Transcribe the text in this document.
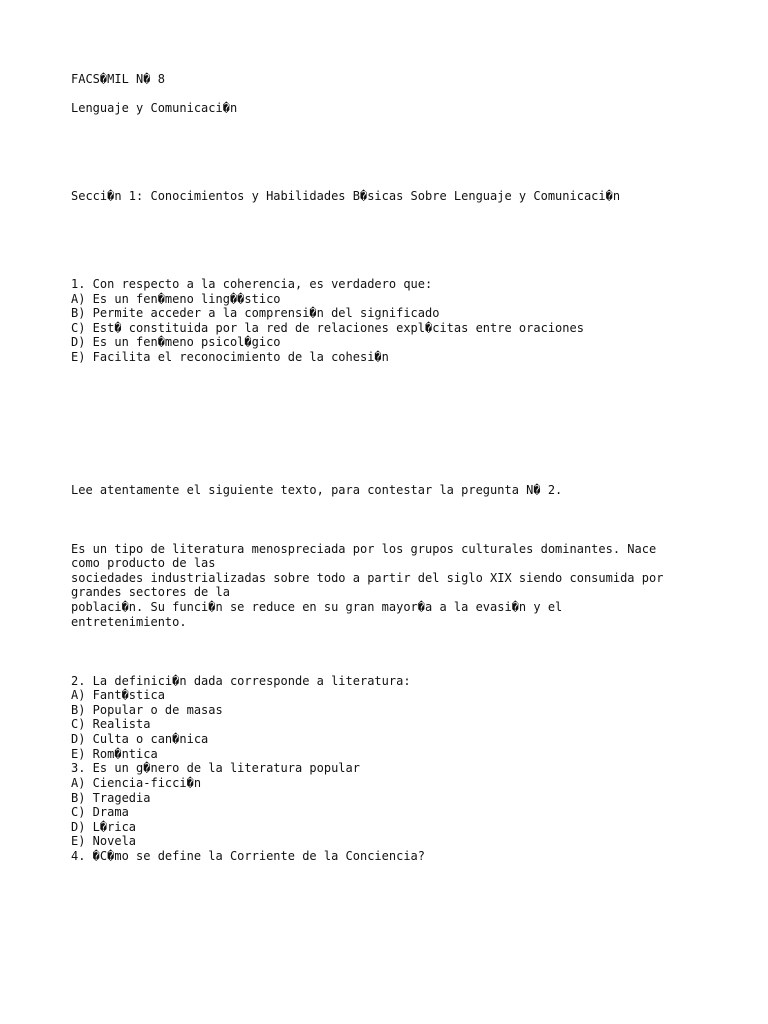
FACS�MIL N� 8

Lenguaje y Comunicaci�n

Secci�n 1: Conocimientos y Habilidades B�sicas Sobre Lenguaje y Comunicaci�n

1. Con respecto a la coherencia, es verdadero que:

A) Es un fen�meno ling��stico

B) Permite acceder a la comprensi�n del significado

C) Est� constituida por la red de relaciones expl�citas entre oraciones

D) Es un fen�meno psicol�gico

E) Facilita el reconocimiento de la cohesi�n

Lee atentamente el siguiente texto, para contestar la pregunta N� 2.

Es un tipo de literatura menospreciada por los grupos culturales dominantes. Nace

como producto de las

sociedades industrializadas sobre todo a partir del siglo XIX siendo consumida por

grandes sectores de la

poblaci�n. Su funci�n se reduce en su gran mayor�a a la evasi�n y el

entretenimiento.

2. La definici�n dada corresponde a literatura:

A) Fant�stica

B) Popular o de masas

C) Realista

D) Culta o can�nica

E) Rom�ntica

3. Es un g�nero de la literatura popular

A) Ciencia-ficci�n

B) Tragedia

C) Drama

D) L�rica

E) Novela

4. �C�mo se define la Corriente de la Conciencia?
